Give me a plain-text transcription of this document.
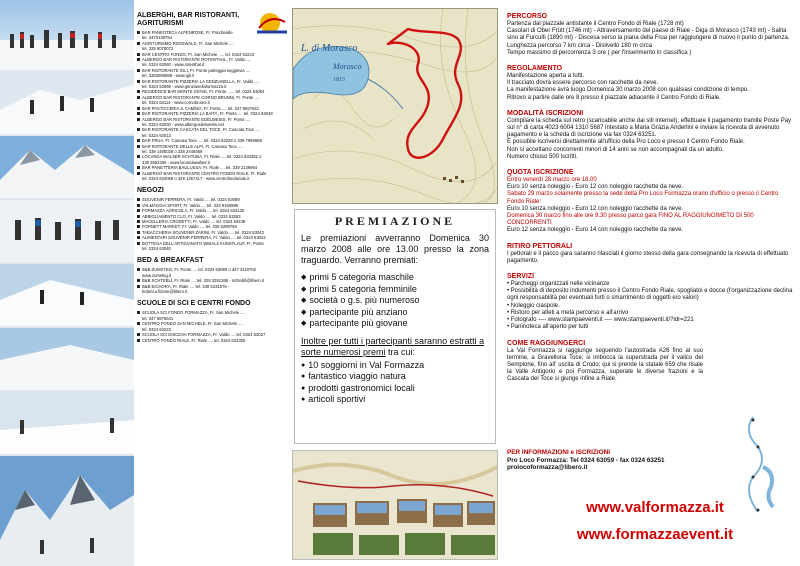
ALBERGHI, BAR RISTORANTI, AGRITURISMI
BAR PANEOTECA ALPENROSE, Fr. Pondovalle
tel. 3470136784
AGRITURISMO ROSSWALD, Fr. San Michele ....
tel. 328 8078072
BAR CENTRO FONDO, Fr. San Michele ..... tel. 0324 63223
ALBERGO BAR RISTORANTE ROTENTHAL, Fr. Valdo ....
tel. 0324 63060 - www.rotenthal.it
BAR RISTORANTE IGLÌ, Fr. Ponte parteggia seggiovia ....
tel. 3383590986 - www.igli.it
BAR RISTORANTE PIZZERIA LA GENZIANELLA, Fr. Valdo ....
tel. 0324 63068 - www.genzianellaformazza.it
RESIDENCE BAR MONTE GIOVE, Fr. Ponte ...... tel. 0324 63054
ALBERGO BAR RISTORANTE CORNO BRUNNI, Fr. Ponte ....
tel. 0324 63114 - www.cornobrunni.it
BAR PASTICCERIA IL CAMINO, Fr. Ponte .... tel. 347 8837641
BAR RISTORANTE PIZZERIA LA BAITA, Fr. Ponte .... tel. 0324 63048
ALBERGO BAR RISTORANTE EDELWEISS, Fr. Ponte ....
tel. 0324 63030 - www.albergoedelweiss.net
BAR RISTORANTE CASCATA DEL TOCE, Fr. Cascata Toce ....
tel. 0324 63013
BAR FRUA, Fr. Cascata Toce .... tel. 0324 63228 o 339 7969669
BAR RISTORANTE DELLE ALPI, Fr. Cascata Toce ....
tel. 339 1495026 o 338 2446469
LOCANDA WALSER SCHTUBA, Fr. Riale .... tel. 0324 634352 o
339 3662336 - www.locandawalser.it
BAR PANETTERIA BAULUSSA, Fr. Riale .... tel. 339 2139964
ALBERGO BAR RISTORANTE CENTRO FONDO RIALE, Fr. Riale
tel. 0324 634059 o 329 1257417 - www.centrofondoriale.it
NEGOZI
SOUVENIR FERRERA, Fr. Valdo .... tel. 0324 63089
VALMAGGIA SPORT, Fr. Valdo .... tel. 333 9160986
FORMAZZA AGRICOLA, Fr. Valdo .... tel. 0324 634125
ABBIGLIAMENTO CLO, Fr. Valdo .... tel. 0324 63263
MACELLERIA CROSETTI, Fr. Valdo .... tel. 0324 63238
FORNETT MARKET, Fr. Valdo .... tel. 335 5299758
TABACCHERIA SOUVENIR ZARINI, Fr. Valdo .... tel. 0324 63043
ALIMENTARI SOUVENIR FERRERA, Fr. Valdo .... tel. 0324 63042
BOTTEGA DELL'ARTIGIANATO WIBALZ KUNSTLAUF, Fr. Ponte
tel. 0324 63040
BED & BREAKFAST
B&B ZUMSTEG, Fr. Ponte .... tel. 0324 63080 o 347 3119702
www.zumsteg.it
B&B SCHTEBLÌ, Fr. Riale .... tel. 328 3391368 - schteblì@libero.it
B&B EICHORA, Fr. Riale .... tel. 339 5331576 -
federica.fidone@libero.it
SCUOLE DI SCI E CENTRI FONDO
SCUOLA SCI FONDO FORMAZZA, Fr. San Michele ....
tel. 347 6876641
CENTRO FONDO SAN MICHELE, Fr. San Michele ....
tel. 0324 63223
SCUOLA SCI DISCESA FORMAZZA, Fr. Valdo .... tel. 0324 63027
CENTRO FONDO RIALE, Fr. Riale .... tel. 0324 634355
L. di Morasco
Morasco
1815
PREMIAZIONE
Le premiazioni avverranno Domenica 30 marzo 2008 alle ore 13.00 presso la zona traguardo. Verranno premiati:
◆ primi 5 categoria maschile
◆ primi 5 categoria femminile
◆ società o g.s. più numeroso
◆ partecipante più anziano
◆ partecipante più giovane
Inoltre per tutti i partecipanti saranno estratti a sorte numerosi premi tra cui:
● 10 soggiorni in Val Formazza
● fantastico viaggio natura
● prodotti gastronomici locali
● articoli sportivi
PERCORSO
Partenza dal piazzale antistante il Centro Fondo di Riale (1728 mt)
Casolari di Ober Frütt (1746 mt) - Attraversamento del paese di Riale - Diga di Morasco (1743 mt) - Salita sino al Furculti (1890 mt) - Discesa verso la piana della Frua per raggiungere di nuovo il punto di partenza.
Lunghezza percorso 7 km circa - Dislivello 180 m circa
Tempo massimo di percorrenza 3 ore ( per l'inserimento in classifica )
REGOLAMENTO
Manifestazione aperta a tutti.
Il tracciato dovrà essere percorso con racchette da neve.
La manifestazione avrà luogo Domenica 30 marzo 2008 con qualsiasi condizione di tempo.
Ritrovo a partire dalle ore 8 presso il piazzale adiacente il Centro Fondo di Riale.
MODALITÀ ISCRIZIONI
Compilare la scheda sul retro (scaricabile anche dai siti internet), effettuare il pagamento tramite Poste Pay sul n° di carta 4023 6004 1310 5687 intestato a Maria Grazia Anderlini e inviare la ricevuta di avvenuto pagamento e la scheda di iscrizione via fax 0324 63251.
È possibile iscriversi direttamente all'ufficio della Pro Loco e presso il Centro Fondo Riale.
Non si accettano concorrenti minori di 14 anni se non accompagnati da un adulto.
Numero chiuso 500 iscritti.
QUOTA ISCRIZIONE
Entro venerdì 28 marzo ore 18.00
Euro 10 senza noleggio - Euro 12 con noleggio racchette da neve.
Sabato 29 marzo solamente presso la sede della Pro Loco Formazza orario d'ufficio o presso il Centro Fondo Riale:
Euro 10 senza noleggio - Euro 12 con noleggio racchette da neve.
Domenica 30 marzo fino alle ore 9.30 presso parco gara FINO AL RAGGIUNGIMETO DI 500 CONCORRENTI
Euro 12 senza noleggio - Euro 14 con noleggio racchette da neve.
RITIRO PETTORALI
I pettorali e il pacco gara saranno rilasciati il giorno stesso della gara consegnando la ricevuta di effettuato pagamento.
SERVIZI
• Parcheggi organizzati nelle vicinanze
• Possibilità di deposito indumenti presso il Centro Fondo Riale, spogliatoi e docce (l'organizzazione declina ogni responsabilità per eventuali furti o smarrimento di oggetti e/o valori)
• Noleggio ciaspole.
• Ristoro per atleti a metà percorso e all'arrivo
• Fotografo ---- www.stampaeventi.it ---- www.stampaeventi.it/?idr=221
• Paninoteca all'aperto per tutti
COME RAGGIUNGERCI
La Val Formazza si raggiunge seguendo l'autostrada A26 fino al suo termine, a Gravellona Toce; si imbocca la superstrada per il valico del Sempione, fino all' uscita di Crodo; qui si prende la statale 659 che risale la Valle Antigorio e poi Formazza, superate le diverse frazioni e la Cascata del Toce si giunge infine a Riale.
PER INFORMAZIONI e ISCRIZIONI
Pro Loco Formazza: Tel 0324 63059 - fax 0324 63251
prolocoformazza@libero.it
www.valformazza.it
www.formazzaevent.it
